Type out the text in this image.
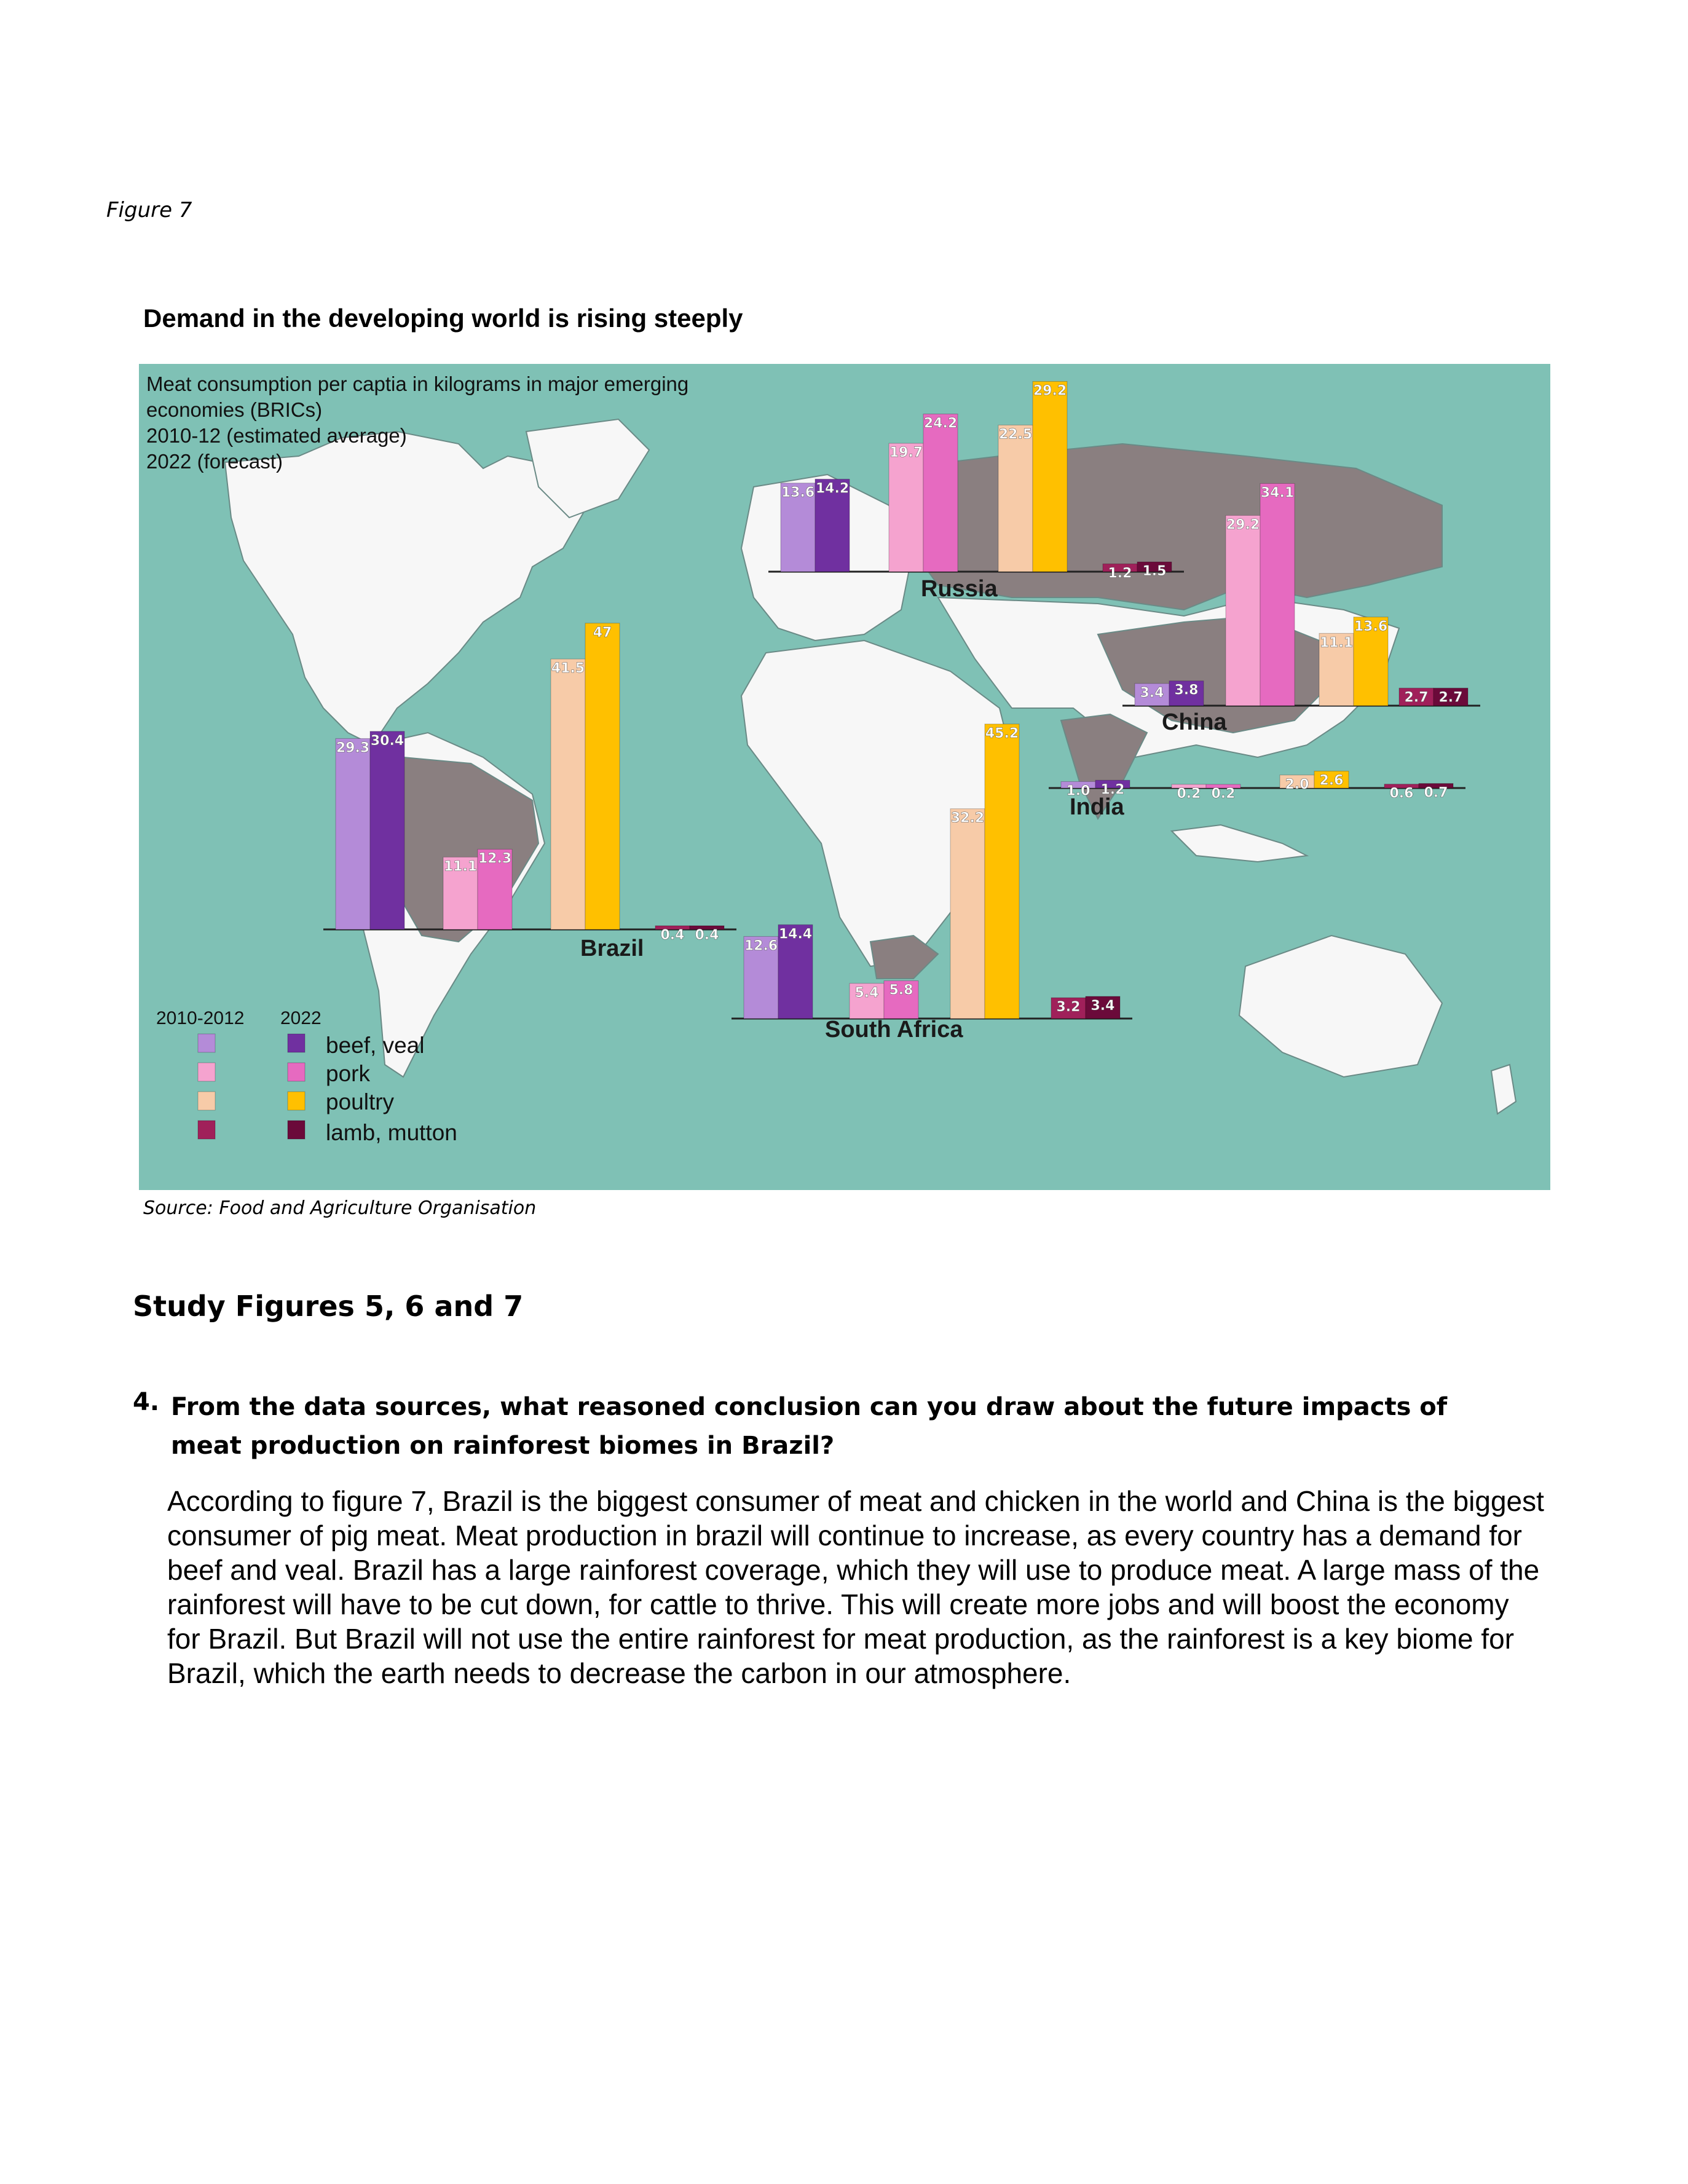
Figure 7
Demand in the developing world is rising steeply
29.3 30.4
11.1
12.3
41.5
47
0.4 0.4
13.6 14.2
19.7
24.2
22.5
29.2
1.2 1.5
1.0 1.2	0.2 0.2
2.0 2.6
0.6 0.7
3.4 3.8
29.2
34.1
11.1
13.6
2.7 2.7
12.6
14.4
5.4 5.8
32.2
45.2
3.2 3.4
Meat consumption per captia in kilograms in major emerging
economies (BRICs)
2010-12 (estimated average)
2022 (forecast)
Russia
China
India
Brazil
South Africa
2010-2012 2022
beef, veal
pork
poultry
lamb, mutton
Source: Food and Agriculture Organisation
Study Figures 5, 6 and 7
4. From the data sources, what reasoned conclusion can you draw about the future impacts of meat production on rainforest biomes in Brazil?
According to figure 7, Brazil is the biggest consumer of meat and chicken in the world and China is the biggest consumer of pig meat. Meat production in brazil will continue to increase, as every country has a demand for beef and veal. Brazil has a large rainforest coverage, which they will use to produce meat. A large mass of the rainforest will have to be cut down, for cattle to thrive. This will create more jobs and will boost the economy for Brazil. But Brazil will not use the entire rainforest for meat production, as the rainforest is a key biome for Brazil, which the earth needs to decrease the carbon in our atmosphere.
